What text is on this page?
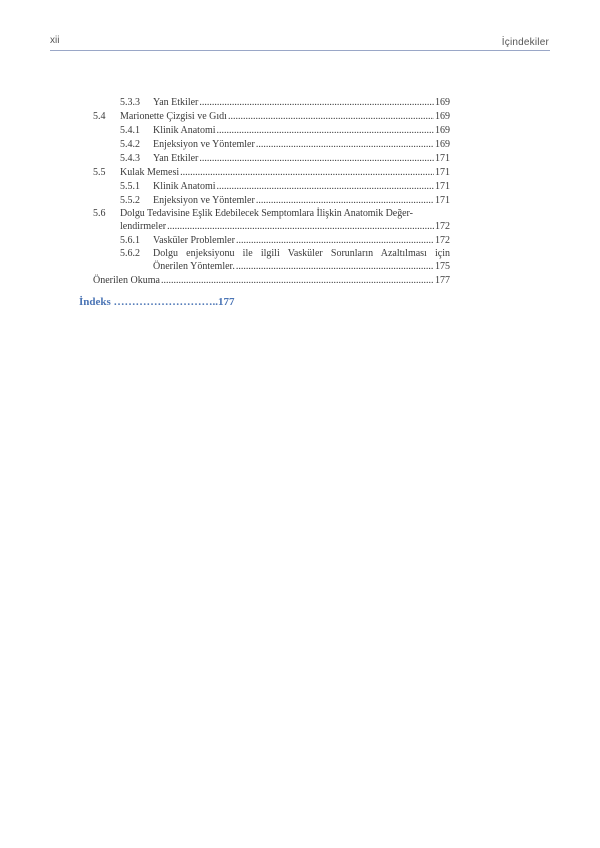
xii	İçindekiler
5.3.3	Yan Etkiler .....	169
5.4	Marionette Çizgisi ve Gıdı .....	169
5.4.1	Klinik Anatomi .....	169
5.4.2	Enjeksiyon ve Yöntemler .....	169
5.4.3	Yan Etkiler .....	171
5.5	Kulak Memesi .....	171
5.5.1	Klinik Anatomi .....	171
5.5.2	Enjeksiyon ve Yöntemler .....	171
5.6 Dolgu Tedavisine Eşlik Edebilecek Semptomlara İlişkin Anatomik Değer-
lendirmeler .....	172
5.6.1	Vasküler Problemler .....	172
5.6.2	Dolgu enjeksiyonu ile ilgili Vasküler Sorunların Azaltılması için
Önerilen Yöntemler. .....	175
Önerilen Okuma .....	177
İndeks ………………………..177
